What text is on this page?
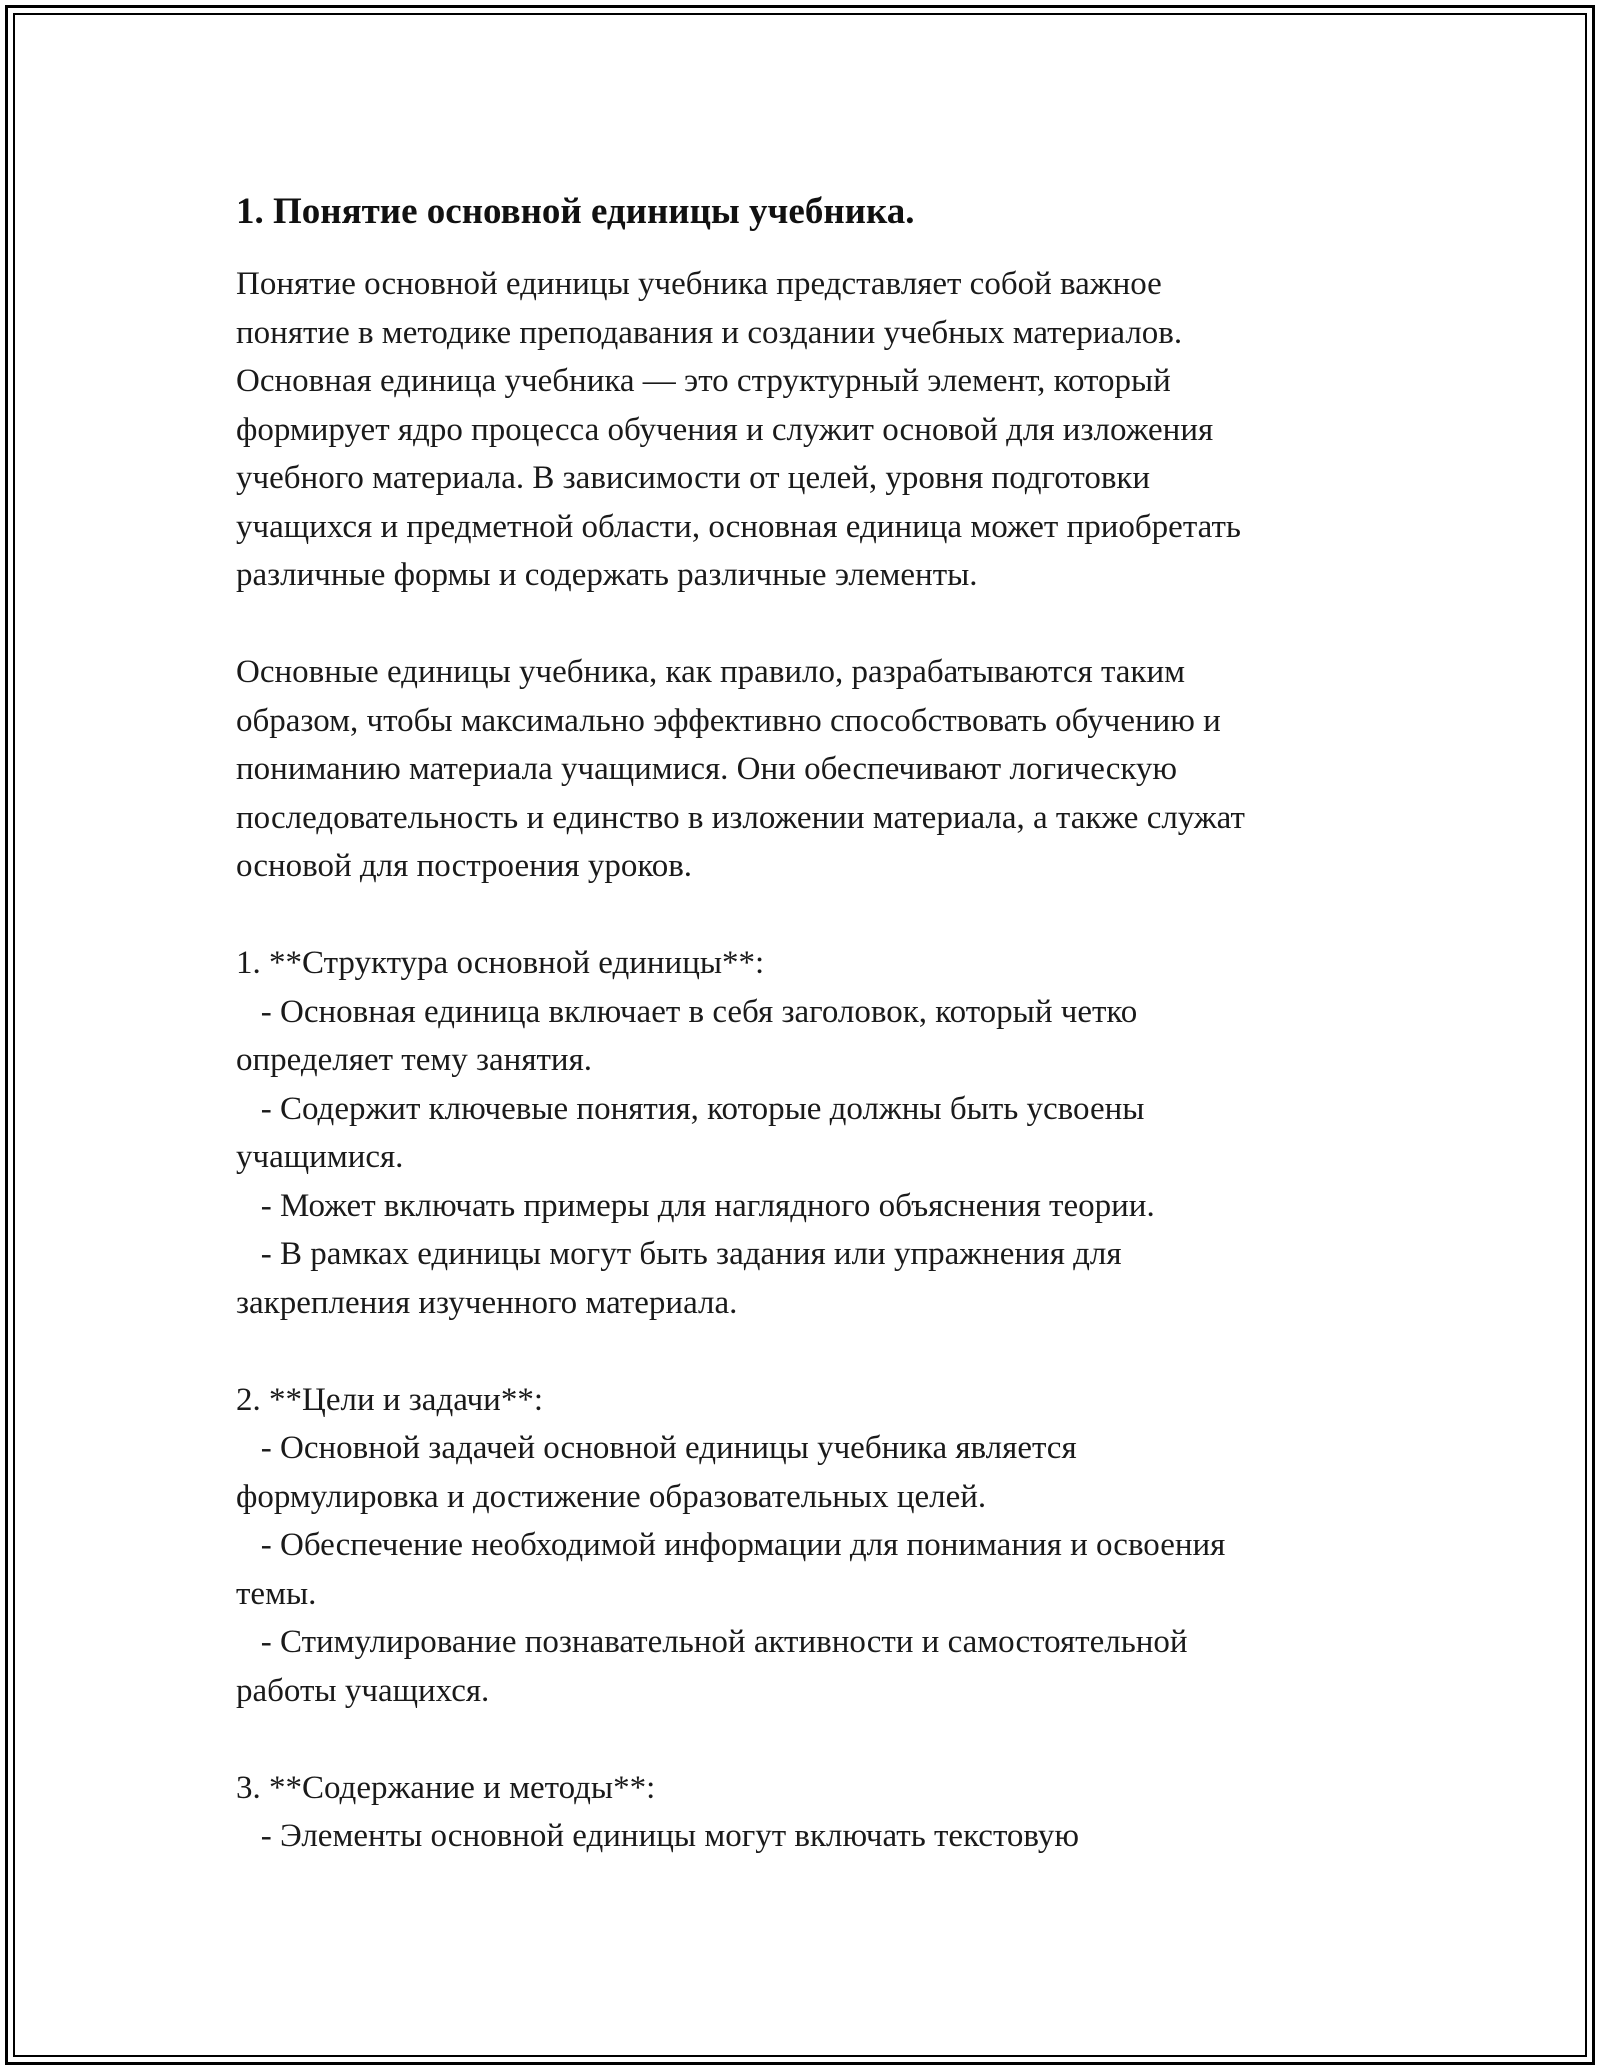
1. Понятие основной единицы учебника.

Понятие основной единицы учебника представляет собой важное
понятие в методике преподавания и создании учебных материалов.
Основная единица учебника — это структурный элемент, который
формирует ядро процесса обучения и служит основой для изложения
учебного материала. В зависимости от целей, уровня подготовки
учащихся и предметной области, основная единица может приобретать
различные формы и содержать различные элементы.

Основные единицы учебника, как правило, разрабатываются таким
образом, чтобы максимально эффективно способствовать обучению и
пониманию материала учащимися. Они обеспечивают логическую
последовательность и единство в изложении материала, а также служат
основой для построения уроков.

1. **Структура основной единицы**:
- Основная единица включает в себя заголовок, который четко
определяет тему занятия.
- Содержит ключевые понятия, которые должны быть усвоены
учащимися.
- Может включать примеры для наглядного объяснения теории.
- В рамках единицы могут быть задания или упражнения для
закрепления изученного материала.

2. **Цели и задачи**:
- Основной задачей основной единицы учебника является
формулировка и достижение образовательных целей.
- Обеспечение необходимой информации для понимания и освоения
темы.
- Стимулирование познавательной активности и самостоятельной
работы учащихся.

3. **Содержание и методы**:
- Элементы основной единицы могут включать текстовую
